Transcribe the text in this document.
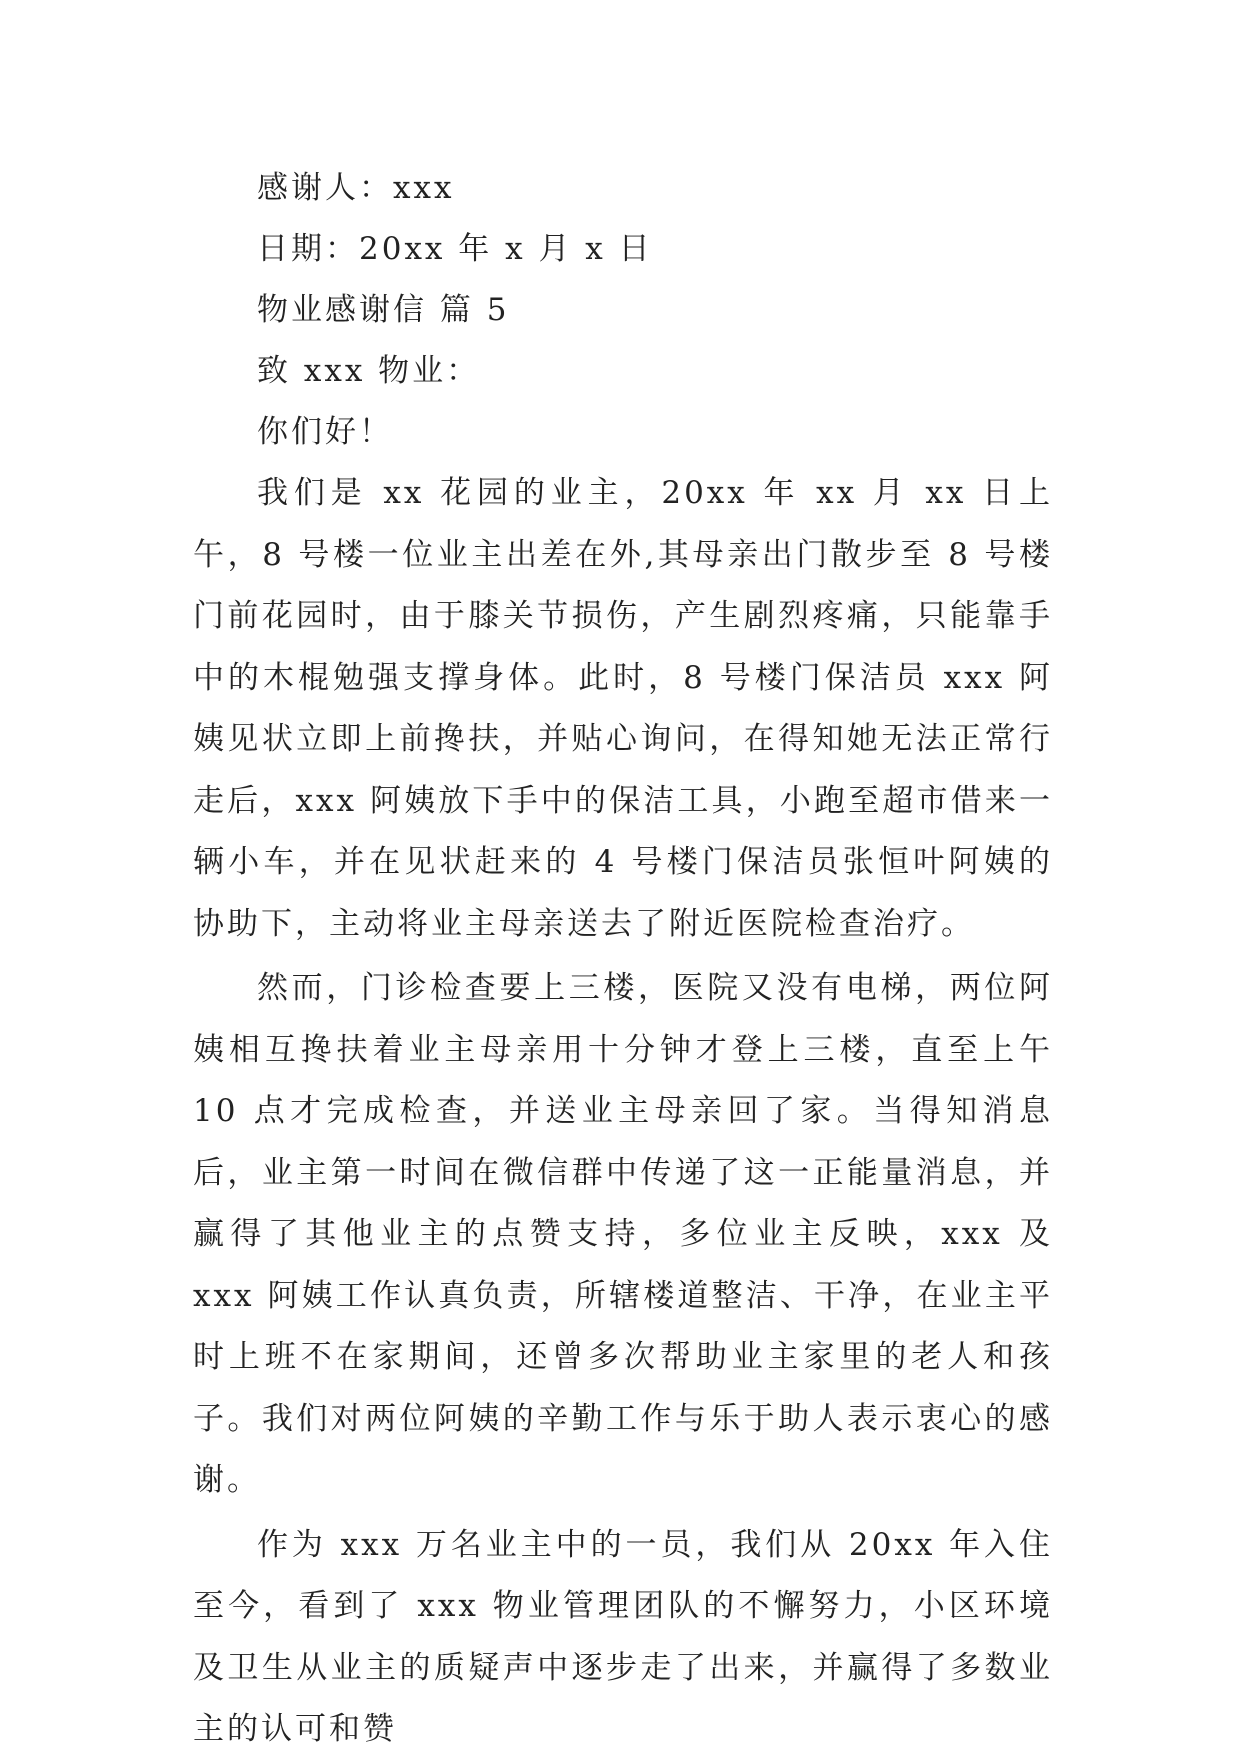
感谢人：xxx

日期：20xx 年 x 月 x 日

物业感谢信 篇 5

致 xxx 物业：

你们好！

我们是 xx 花园的业主，20xx 年 xx 月 xx 日上午，8 号楼一位业主出差在外,其母亲出门散步至 8 号楼门前花园时，由于膝关节损伤，产生剧烈疼痛，只能靠手中的木棍勉强支撑身体。此时，8 号楼门保洁员 xxx 阿姨见状立即上前搀扶，并贴心询问，在得知她无法正常行走后，xxx 阿姨放下手中的保洁工具，小跑至超市借来一辆小车，并在见状赶来的 4 号楼门保洁员张恒叶阿姨的协助下，主动将业主母亲送去了附近医院检查治疗。

然而，门诊检查要上三楼，医院又没有电梯，两位阿姨相互搀扶着业主母亲用十分钟才登上三楼，直至上午 10 点才完成检查，并送业主母亲回了家。当得知消息后，业主第一时间在微信群中传递了这一正能量消息，并赢得了其他业主的点赞支持，多位业主反映，xxx 及 xxx 阿姨工作认真负责，所辖楼道整洁、干净，在业主平时上班不在家期间，还曾多次帮助业主家里的老人和孩子。我们对两位阿姨的辛勤工作与乐于助人表示衷心的感谢。

作为 xxx 万名业主中的一员，我们从 20xx 年入住至今，看到了 xxx 物业管理团队的不懈努力，小区环境及卫生从业主的质疑声中逐步走了出来，并赢得了多数业主的认可和赞
